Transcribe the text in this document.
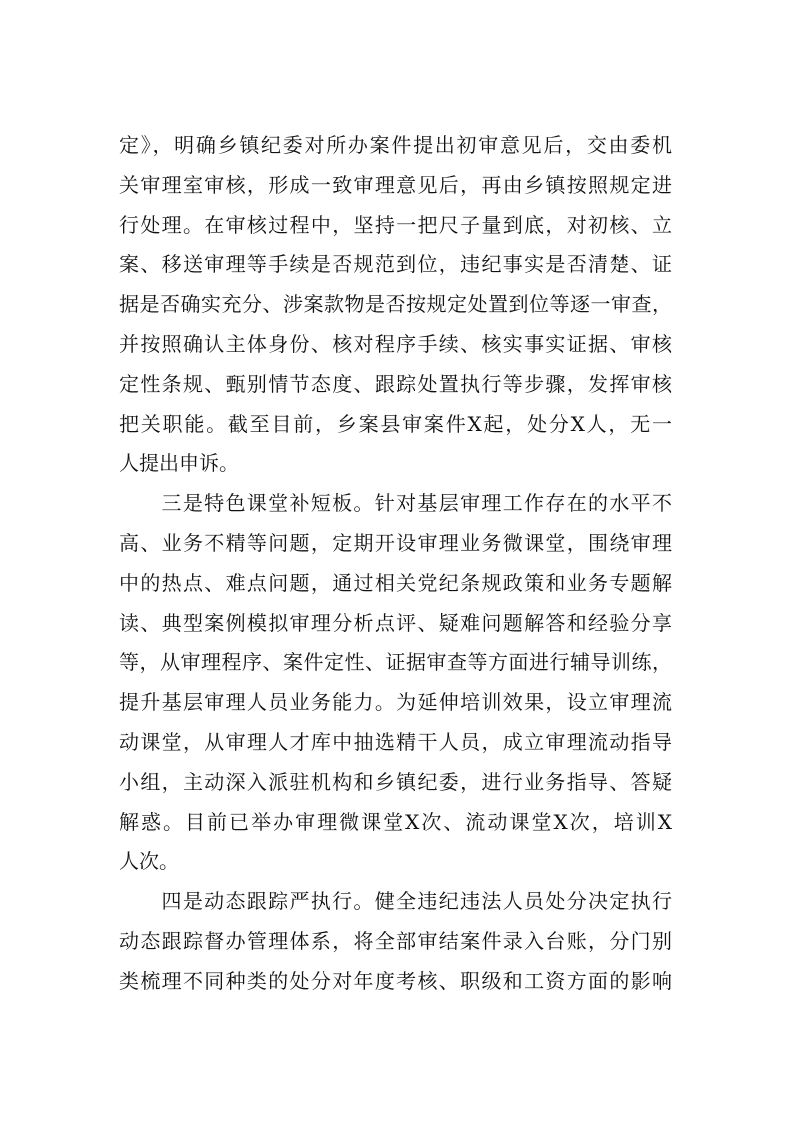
定》，明确乡镇纪委对所办案件提出初审意见后，交由委机
关审理室审核，形成一致审理意见后，再由乡镇按照规定进
行处理。在审核过程中，坚持一把尺子量到底，对初核、立
案、移送审理等手续是否规范到位，违纪事实是否清楚、证
据是否确实充分、涉案款物是否按规定处置到位等逐一审查，
并按照确认主体身份、核对程序手续、核实事实证据、审核
定性条规、甄别情节态度、跟踪处置执行等步骤，发挥审核
把关职能。截至目前，乡案县审案件X起，处分X人，无一
人提出申诉。
三是特色课堂补短板。针对基层审理工作存在的水平不
高、业务不精等问题，定期开设审理业务微课堂，围绕审理
中的热点、难点问题，通过相关党纪条规政策和业务专题解
读、典型案例模拟审理分析点评、疑难问题解答和经验分享
等，从审理程序、案件定性、证据审查等方面进行辅导训练，
提升基层审理人员业务能力。为延伸培训效果，设立审理流
动课堂，从审理人才库中抽选精干人员，成立审理流动指导
小组，主动深入派驻机构和乡镇纪委，进行业务指导、答疑
解惑。目前已举办审理微课堂X次、流动课堂X次，培训X
人次。
四是动态跟踪严执行。健全违纪违法人员处分决定执行
动态跟踪督办管理体系，将全部审结案件录入台账，分门别
类梳理不同种类的处分对年度考核、职级和工资方面的影响
